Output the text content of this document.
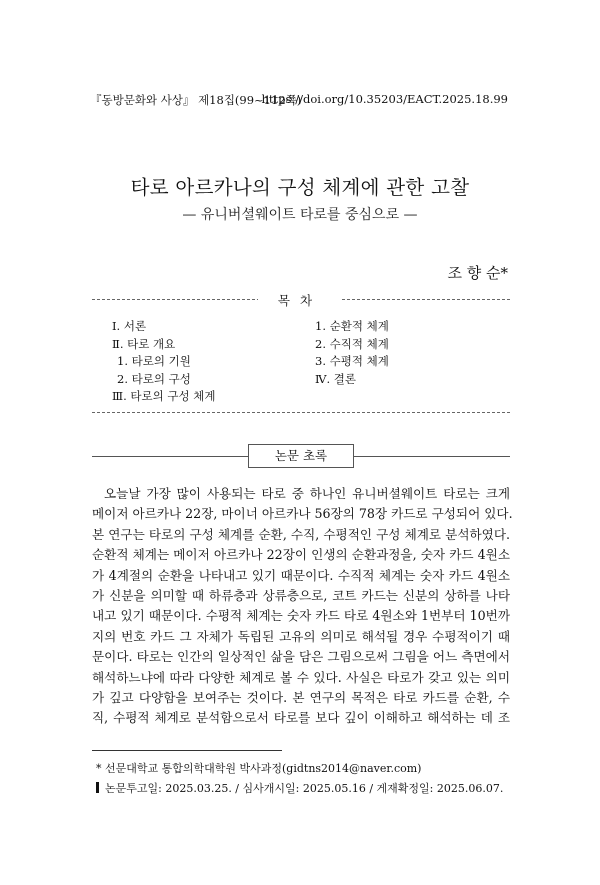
『동방문화와 사상』 제18집(99~112쪽)
https://doi.org/10.35203/EACT.2025.18.99
타로 아르카나의 구성 체계에 관한 고찰
— 유니버셜웨이트 타로를 중심으로 —
조 향 순*
목차
Ⅰ. 서론
Ⅱ. 타로 개요
1. 타로의 기원
2. 타로의 구성
Ⅲ. 타로의 구성 체계
1. 순환적 체계
2. 수직적 체계
3. 수평적 체계
Ⅳ. 결론
논문 초록
오늘날 가장 많이 사용되는 타로 중 하나인 유니버셜웨이트 타로는 크게
메이저 아르카나 22장, 마이너 아르카나 56장의 78장 카드로 구성되어 있다.
본 연구는 타로의 구성 체계를 순환, 수직, 수평적인 구성 체계로 분석하였다.
순환적 체계는 메이저 아르카나 22장이 인생의 순환과정을, 숫자 카드 4원소
가 4계절의 순환을 나타내고 있기 때문이다. 수직적 체계는 숫자 카드 4원소
가 신분을 의미할 때 하류층과 상류층으로, 코트 카드는 신분의 상하를 나타
내고 있기 때문이다. 수평적 체계는 숫자 카드 타로 4원소와 1번부터 10번까
지의 번호 카드 그 자체가 독립된 고유의 의미로 해석될 경우 수평적이기 때
문이다. 타로는 인간의 일상적인 삶을 담은 그림으로써 그림을 어느 측면에서
해석하느냐에 따라 다양한 체계로 볼 수 있다. 사실은 타로가 갖고 있는 의미
가 깊고 다양함을 보여주는 것이다. 본 연구의 목적은 타로 카드를 순환, 수
직, 수평적 체계로 분석함으로서 타로를 보다 깊이 이해하고 해석하는 데 조
* 선문대학교 통합의학대학원 박사과정(gidtns2014@naver.com)
논문투고일: 2025.03.25. / 심사개시일: 2025.05.16 / 게재확정일: 2025.06.07.
